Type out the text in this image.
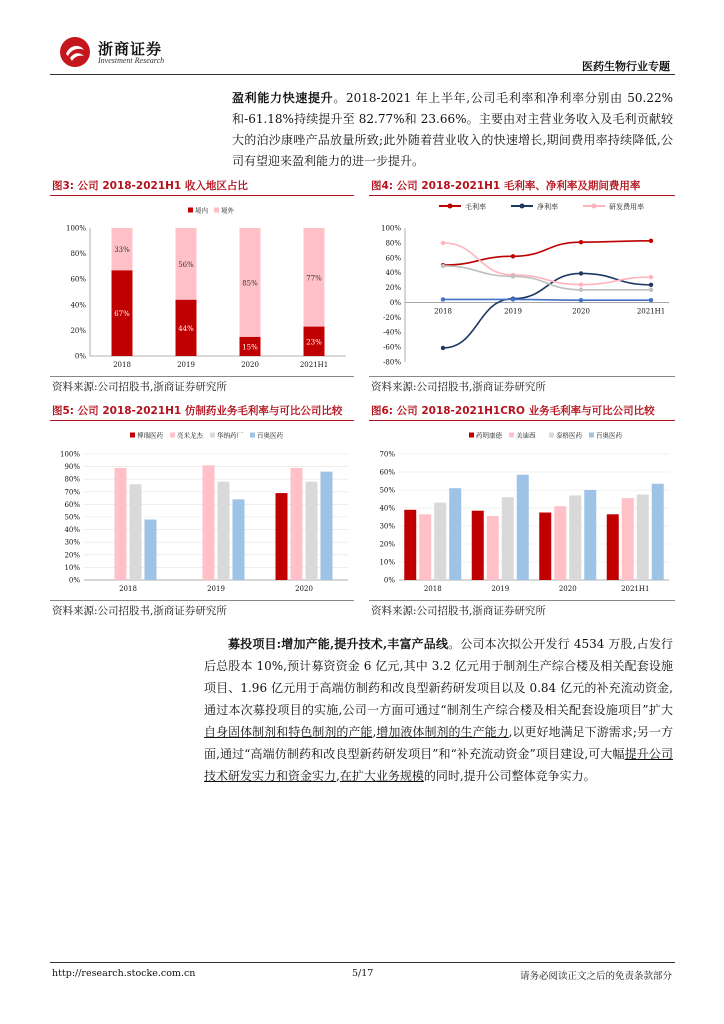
浙商证券
Investment Research	医药生物行业专题
盈利能力快速提升。2018-2021 年上半年,公司毛利率和净利率分别由 50.22%和-61.18%持续提升至 82.77%和 23.66%。主要由对主营业务收入及毛利贡献较大的泊沙康唑产品放量所致;此外随着营业收入的快速增长,期间费用率持续降低,公司有望迎来盈利能力的进一步提升。
图3: 公司 2018-2021H1 收入地区占比	图4: 公司 2018-2021H1 毛利率、净利率及期间费用率
境内 境外
0%
20%
40%
60%
80%
100%
67%
33%
2018
44%
56%
2019
15%
85%
2020
23%
77%
2021H1
毛利率	净利率	研发费用率
-80%
-60%
-40%
-20%
0%
20%
40%
60%
80%
100%
2018	2019	2020	2021H1
资料来源:公司招股书,浙商证券研究所	资料来源:公司招股书,浙商证券研究所
图5: 公司 2018-2021H1 仿制药业务毛利率与可比公司比较	图6: 公司 2018-2021H1CRO 业务毛利率与可比公司比较
博瑞医药 亮米龙杰 华纳药厂 百奥医药
0%
10%
20%
30%
40%
50%
60%
70%
80%
90%
100%
2018	2019	2020
药明康德 美迪西	泰格医药 百奥医药
0%
10%
20%
30%
40%
50%
60%
70%
2018	2019	2020	2021H1
资料来源:公司招股书,浙商证券研究所	资料来源:公司招股书,浙商证券研究所
募投项目:增加产能,提升技术,丰富产品线。公司本次拟公开发行 4534 万股,占发行后总股本 10%,预计募资资金 6 亿元,其中 3.2 亿元用于制剂生产综合楼及相关配套设施项目、1.96 亿元用于高端仿制药和改良型新药研发项目以及 0.84 亿元的补充流动资金,通过本次募投项目的实施,公司一方面可通过“制剂生产综合楼及相关配套设施项目”扩大自身固体制剂和特色制剂的产能,增加液体制剂的生产能力,以更好地满足下游需求;另一方面,通过“高端仿制药和改良型新药研发项目”和“补充流动资金”项目建设,可大幅提升公司技术研发实力和资金实力,在扩大业务规模的同时,提升公司整体竞争实力。
http://research.stocke.com.cn	5/17	请务必阅读正文之后的免责条款部分
